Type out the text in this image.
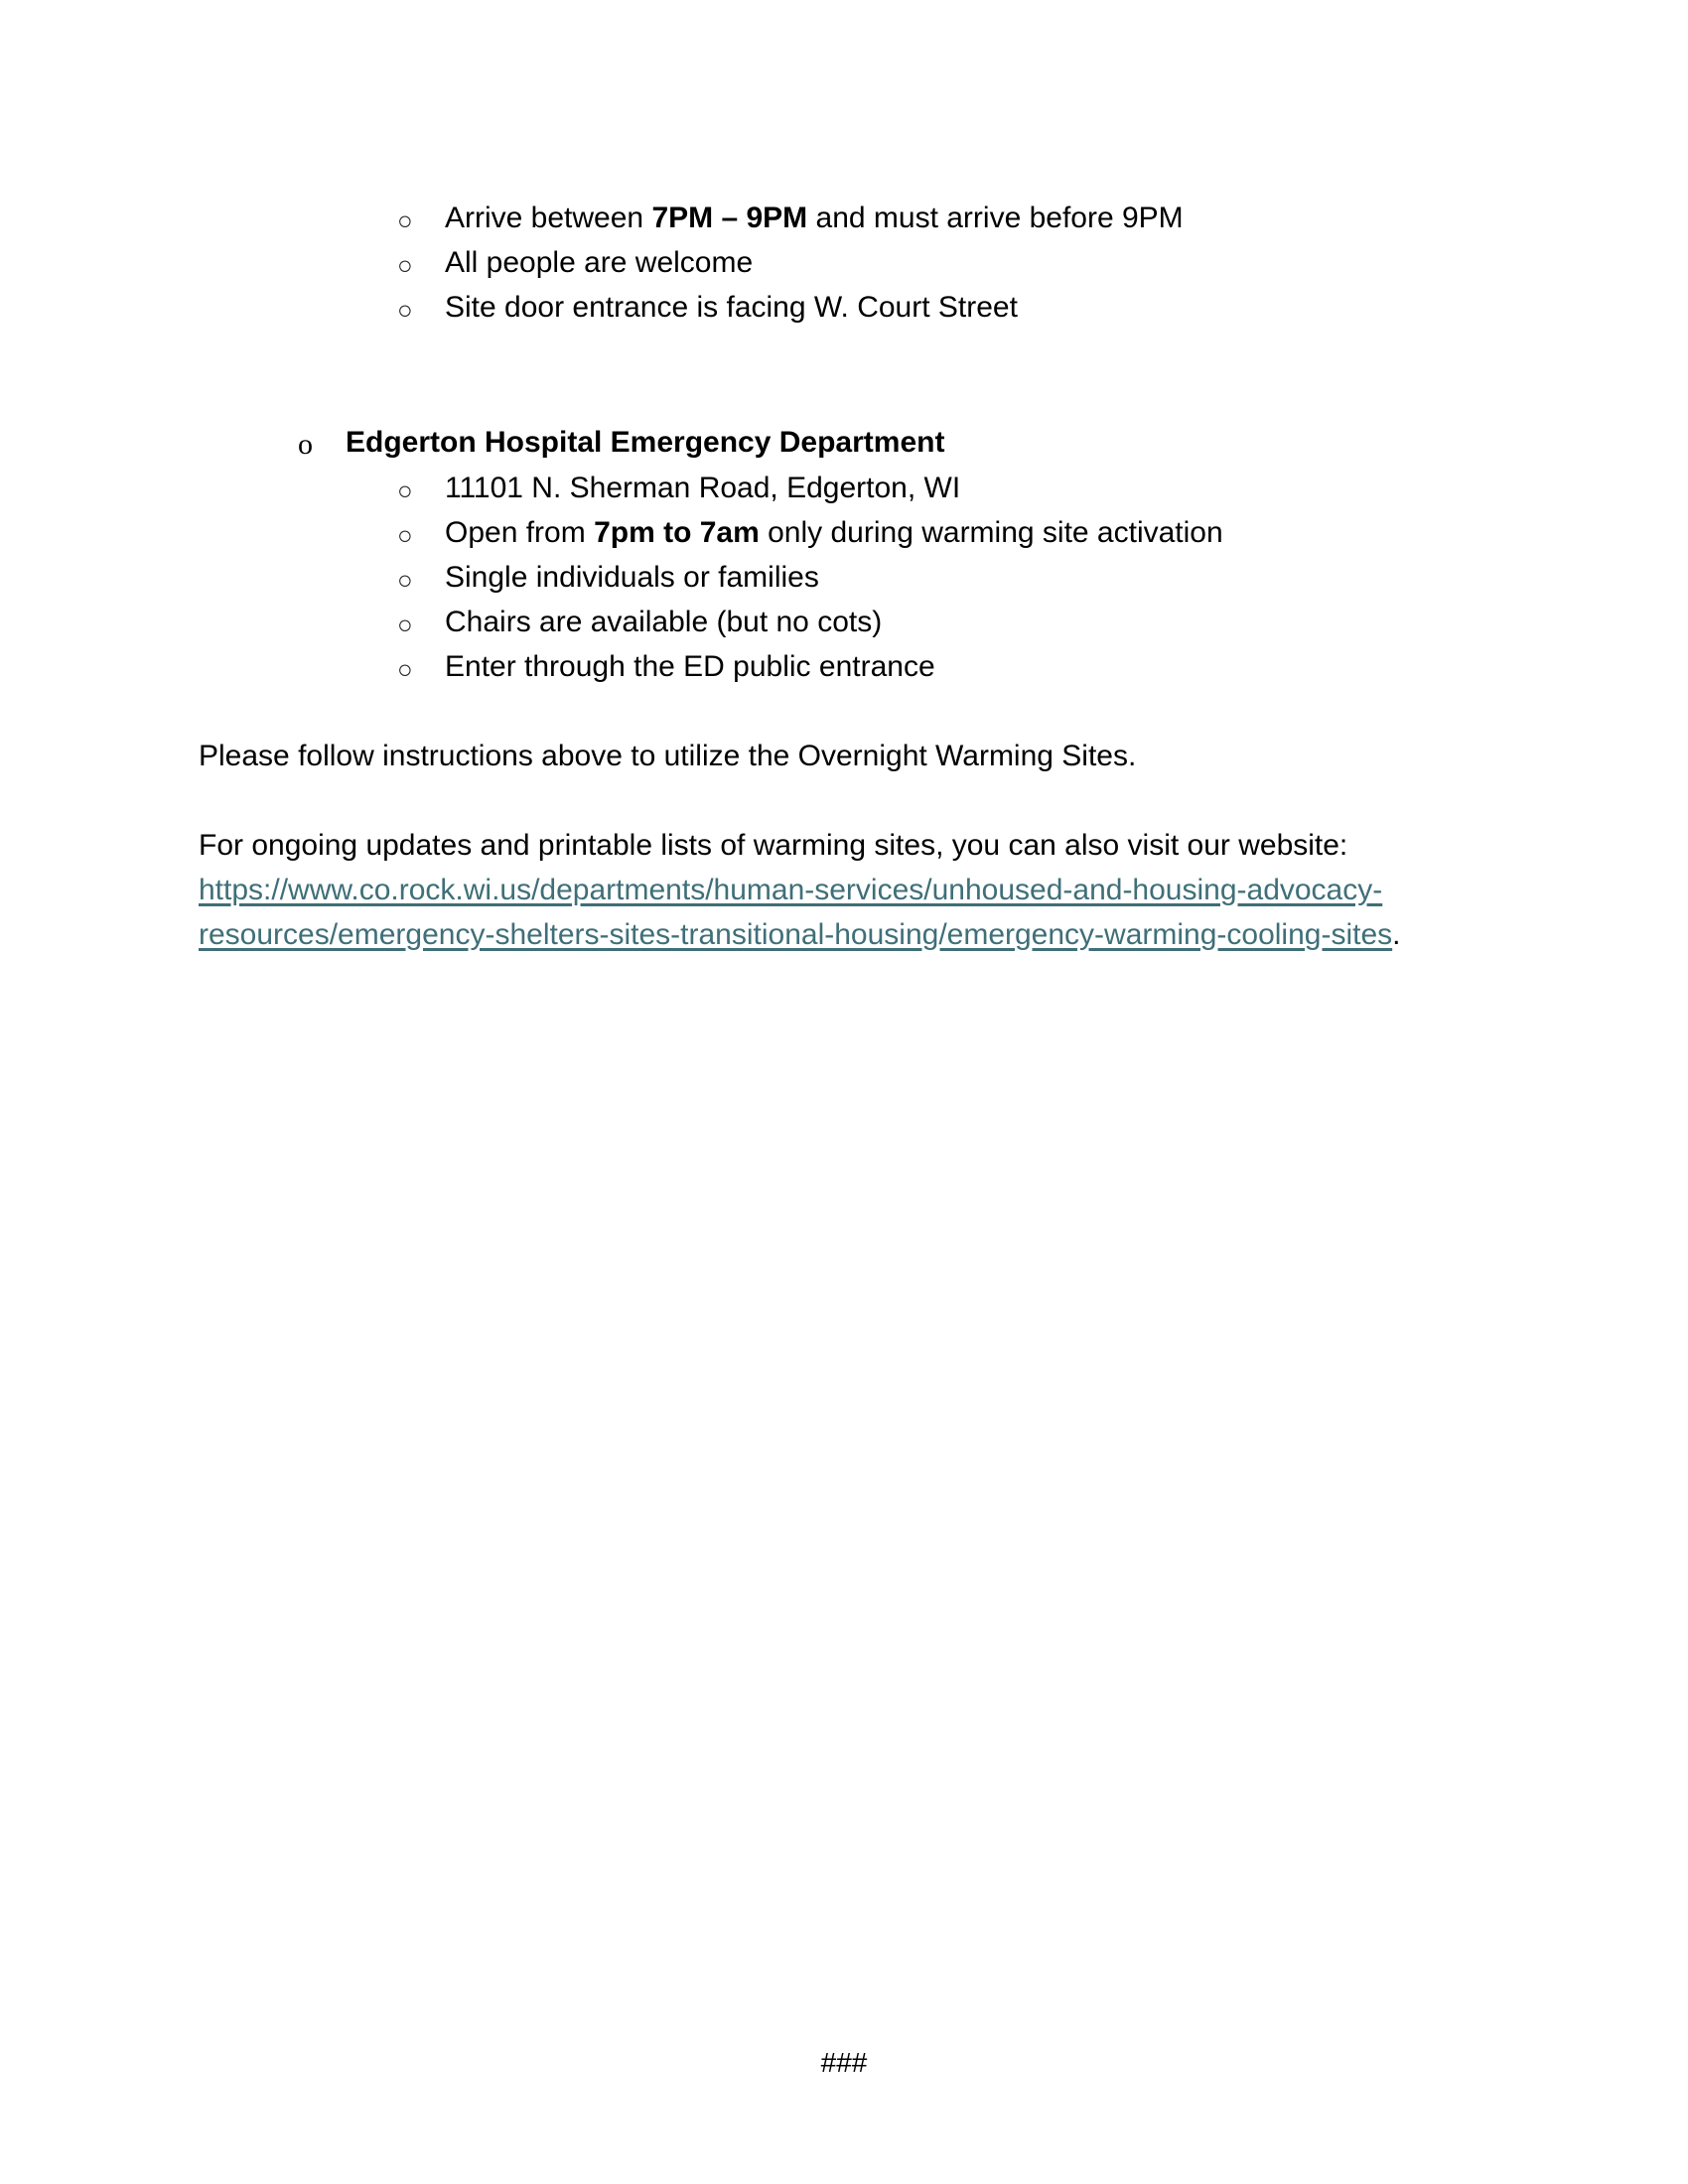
○ Arrive between 7PM – 9PM and must arrive before 9PM
○ All people are welcome
○ Site door entrance is facing W. Court Street
o Edgerton Hospital Emergency Department
○ 11101 N. Sherman Road, Edgerton, WI
○ Open from 7pm to 7am only during warming site activation
○ Single individuals or families
○ Chairs are available (but no cots)
○ Enter through the ED public entrance
Please follow instructions above to utilize the Overnight Warming Sites.
For ongoing updates and printable lists of warming sites, you can also visit our website:
https://www.co.rock.wi.us/departments/human-services/unhoused-and-housing-advocacy-
resources/emergency-shelters-sites-transitional-housing/emergency-warming-cooling-sites.
###
